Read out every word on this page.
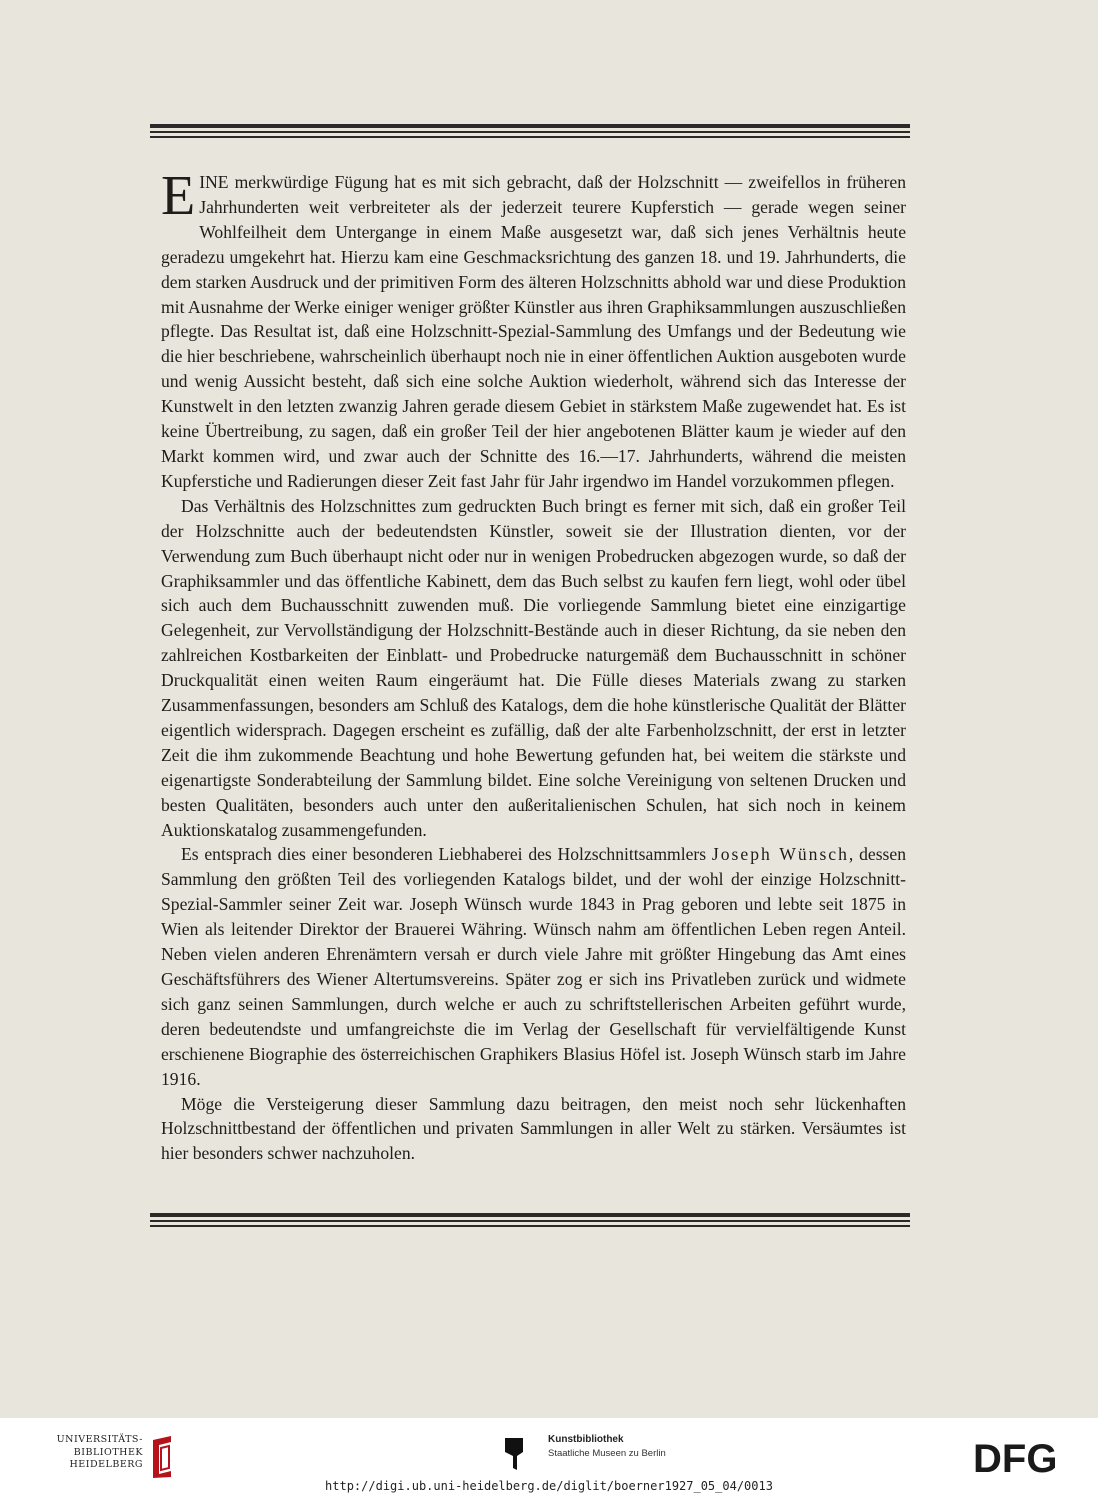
EINE merkwürdige Fügung hat es mit sich gebracht, daß der Holzschnitt — zweifellos in früheren Jahrhunderten weit verbreiteter als der jederzeit teurere Kupferstich — gerade wegen seiner Wohlfeilheit dem Untergange in einem Maße ausgesetzt war, daß sich jenes Verhältnis heute geradezu umgekehrt hat. Hierzu kam eine Geschmacksrichtung des ganzen 18. und 19. Jahrhunderts, die dem starken Ausdruck und der primitiven Form des älteren Holzschnitts abhold war und diese Produktion mit Ausnahme der Werke einiger weniger größter Künstler aus ihren Graphiksammlungen auszuschließen pflegte. Das Resultat ist, daß eine Holzschnitt-Spezial-Sammlung des Umfangs und der Bedeutung wie die hier beschriebene, wahrscheinlich überhaupt noch nie in einer öffentlichen Auktion ausgeboten wurde und wenig Aussicht besteht, daß sich eine solche Auktion wiederholt, während sich das Interesse der Kunstwelt in den letzten zwanzig Jahren gerade diesem Gebiet in stärkstem Maße zugewendet hat. Es ist keine Übertreibung, zu sagen, daß ein großer Teil der hier angebotenen Blätter kaum je wieder auf den Markt kommen wird, und zwar auch der Schnitte des 16.—17. Jahrhunderts, während die meisten Kupferstiche und Radierungen dieser Zeit fast Jahr für Jahr irgendwo im Handel vorzukommen pflegen.

Das Verhältnis des Holzschnittes zum gedruckten Buch bringt es ferner mit sich, daß ein großer Teil der Holzschnitte auch der bedeutendsten Künstler, soweit sie der Illustration dienten, vor der Verwendung zum Buch überhaupt nicht oder nur in wenigen Probedrucken abgezogen wurde, so daß der Graphiksammler und das öffentliche Kabinett, dem das Buch selbst zu kaufen fern liegt, wohl oder übel sich auch dem Buchausschnitt zuwenden muß. Die vorliegende Sammlung bietet eine einzigartige Gelegenheit, zur Vervollständigung der Holzschnitt-Bestände auch in dieser Richtung, da sie neben den zahlreichen Kostbarkeiten der Einblatt- und Probedrucke naturgemäß dem Buchausschnitt in schöner Druckqualität einen weiten Raum eingeräumt hat. Die Fülle dieses Materials zwang zu starken Zusammenfassungen, besonders am Schluß des Katalogs, dem die hohe künstlerische Qualität der Blätter eigentlich widersprach. Dagegen erscheint es zufällig, daß der alte Farbenholzschnitt, der erst in letzter Zeit die ihm zukommende Beachtung und hohe Bewertung gefunden hat, bei weitem die stärkste und eigenartigste Sonderabteilung der Sammlung bildet. Eine solche Vereinigung von seltenen Drucken und besten Qualitäten, besonders auch unter den außeritalienischen Schulen, hat sich noch in keinem Auktionskatalog zusammengefunden.

Es entsprach dies einer besonderen Liebhaberei des Holzschnittsammlers Joseph Wünsch, dessen Sammlung den größten Teil des vorliegenden Katalogs bildet, und der wohl der einzige Holzschnitt-Spezial-Sammler seiner Zeit war. Joseph Wünsch wurde 1843 in Prag geboren und lebte seit 1875 in Wien als leitender Direktor der Brauerei Währing. Wünsch nahm am öffentlichen Leben regen Anteil. Neben vielen anderen Ehrenämtern versah er durch viele Jahre mit größter Hingebung das Amt eines Geschäftsführers des Wiener Altertumsvereins. Später zog er sich ins Privatleben zurück und widmete sich ganz seinen Sammlungen, durch welche er auch zu schriftstellerischen Arbeiten geführt wurde, deren bedeutendste und umfangreichste die im Verlag der Gesellschaft für vervielfältigende Kunst erschienene Biographie des österreichischen Graphikers Blasius Höfel ist. Joseph Wünsch starb im Jahre 1916.

Möge die Versteigerung dieser Sammlung dazu beitragen, den meist noch sehr lückenhaften Holzschnittbestand der öffentlichen und privaten Sammlungen in aller Welt zu stärken. Versäumtes ist hier besonders schwer nachzuholen.

UNIVERSITÄTS-
BIBLIOTHEK
HEIDELBERG
Kunstbibliothek
Staatliche Museen zu Berlin	DFG
http://digi.ub.uni-heidelberg.de/diglit/boerner1927_05_04/0013
